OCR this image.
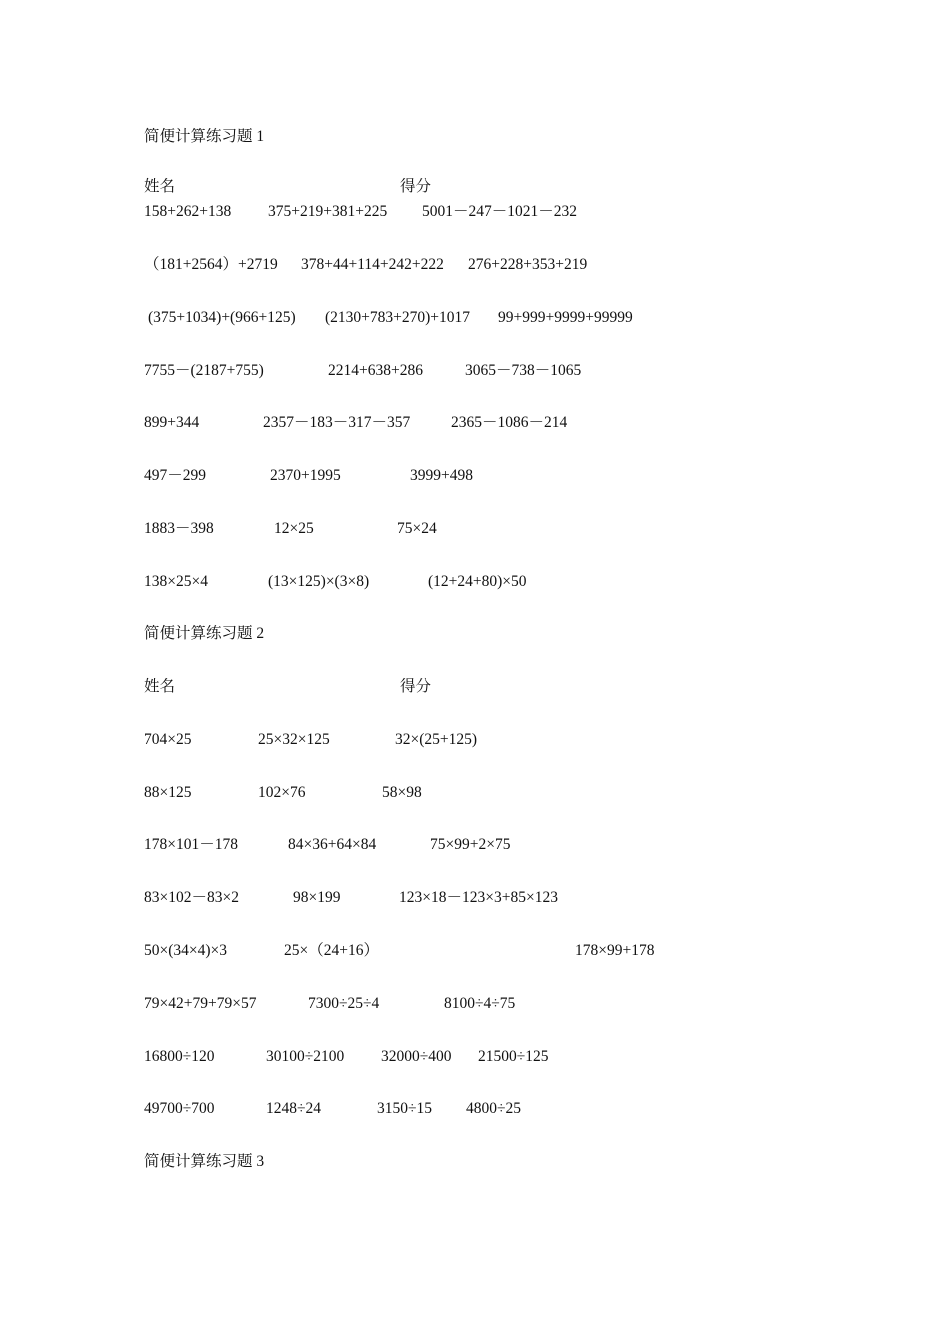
简便计算练习题 1
姓名	得分
158+262+138 375+219+381+225 5001－247－1021－232
（181+2564）+2719 378+44+114+242+222 276+228+353+219
(375+1034)+(966+125) (2130+783+270)+1017 99+999+9999+99999
7755－(2187+755)	2214+638+286	3065－738－1065
899+344	2357－183－317－357	2365－1086－214
497－299	2370+1995	3999+498
1883－398	12×25	75×24
138×25×4	(13×125)×(3×8)	(12+24+80)×50
简便计算练习题 2
姓名	得分
704×25	25×32×125	32×(25+125)
88×125	102×76	58×98
178×101－178	84×36+64×84	75×99+2×75
83×102－83×2	98×199	123×18－123×3+85×123
50×(34×4)×3	25×（24+16）	178×99+178
79×42+79+79×57	7300÷25÷4	8100÷4÷75
16800÷120	30100÷2100 32000÷400 21500÷125
49700÷700	1248÷24	3150÷15 4800÷25
简便计算练习题 3
